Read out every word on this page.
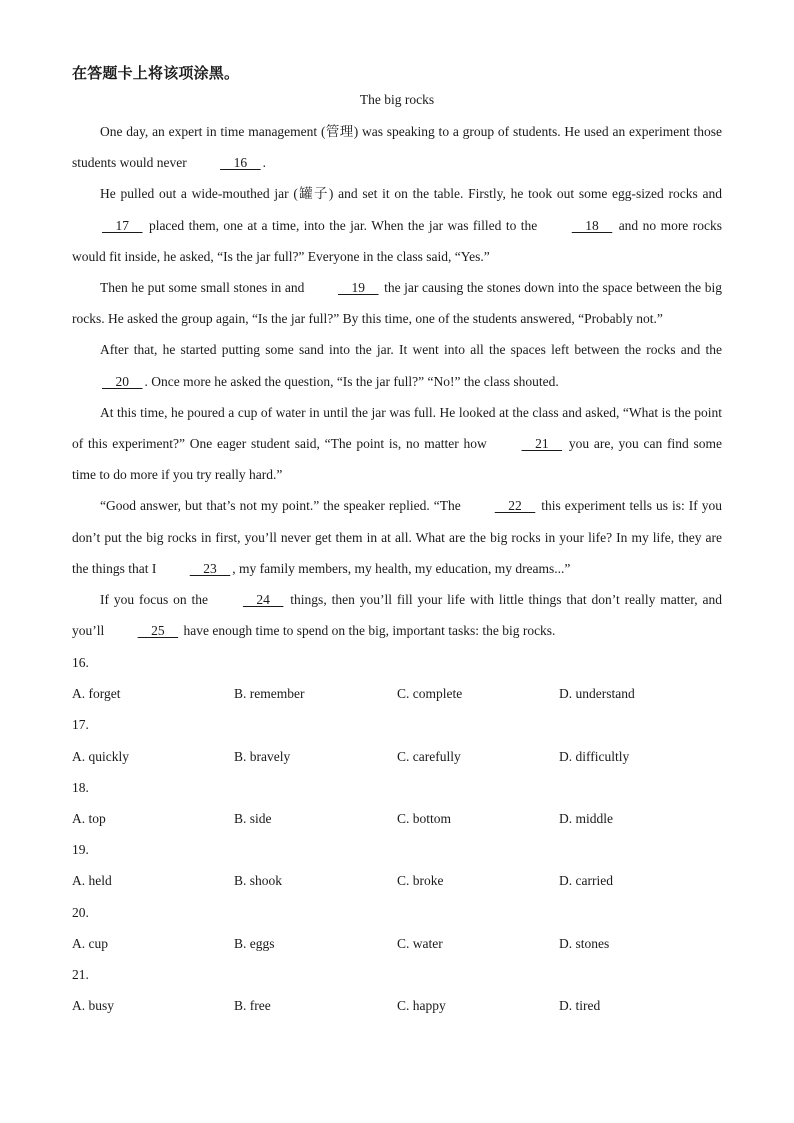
在答题卡上将该项涂黑。
The big rocks

One day, an expert in time management (管理) was speaking to a group of students. He used an experiment those students would never     16    .

He pulled out a wide-mouthed jar (罐子) and set it on the table. Firstly, he took out some egg-sized rocks and     17     placed them, one at a time, into the jar. When the jar was filled to the     18     and no more rocks would fit inside, he asked, “Is the jar full?” Everyone in the class said, “Yes.”

Then he put some small stones in and     19     the jar causing the stones down into the space between the big rocks. He asked the group again, “Is the jar full?” By this time, one of the students answered, “Probably not.”

After that, he started putting some sand into the jar. It went into all the spaces left between the rocks and the     20    . Once more he asked the question, “Is the jar full?” “No!” the class shouted.

At this time, he poured a cup of water in until the jar was full. He looked at the class and asked, “What is the point of this experiment?” One eager student said, “The point is, no matter how     21     you are, you can find some time to do more if you try really hard.”

“Good answer, but that’s not my point.” the speaker replied. “The     22     this experiment tells us is: If you don’t put the big rocks in first, you’ll never get them in at all. What are the big rocks in your life? In my life, they are the things that I     23    , my family members, my health, my education, my dreams...”

If you focus on the     24     things, then you’ll fill your life with little things that don’t really matter, and you’ll     25     have enough time to spend on the big, important tasks: the big rocks.

16.
A. forget	B. remember	C. complete	D. understand
17.
A. quickly	B. bravely	C. carefully	D. difficultly
18.
A. top	B. side	C. bottom	D. middle
19.
A. held	B. shook	C. broke	D. carried
20.
A. cup	B. eggs	C. water	D. stones
21.
A. busy	B. free	C. happy	D. tired
